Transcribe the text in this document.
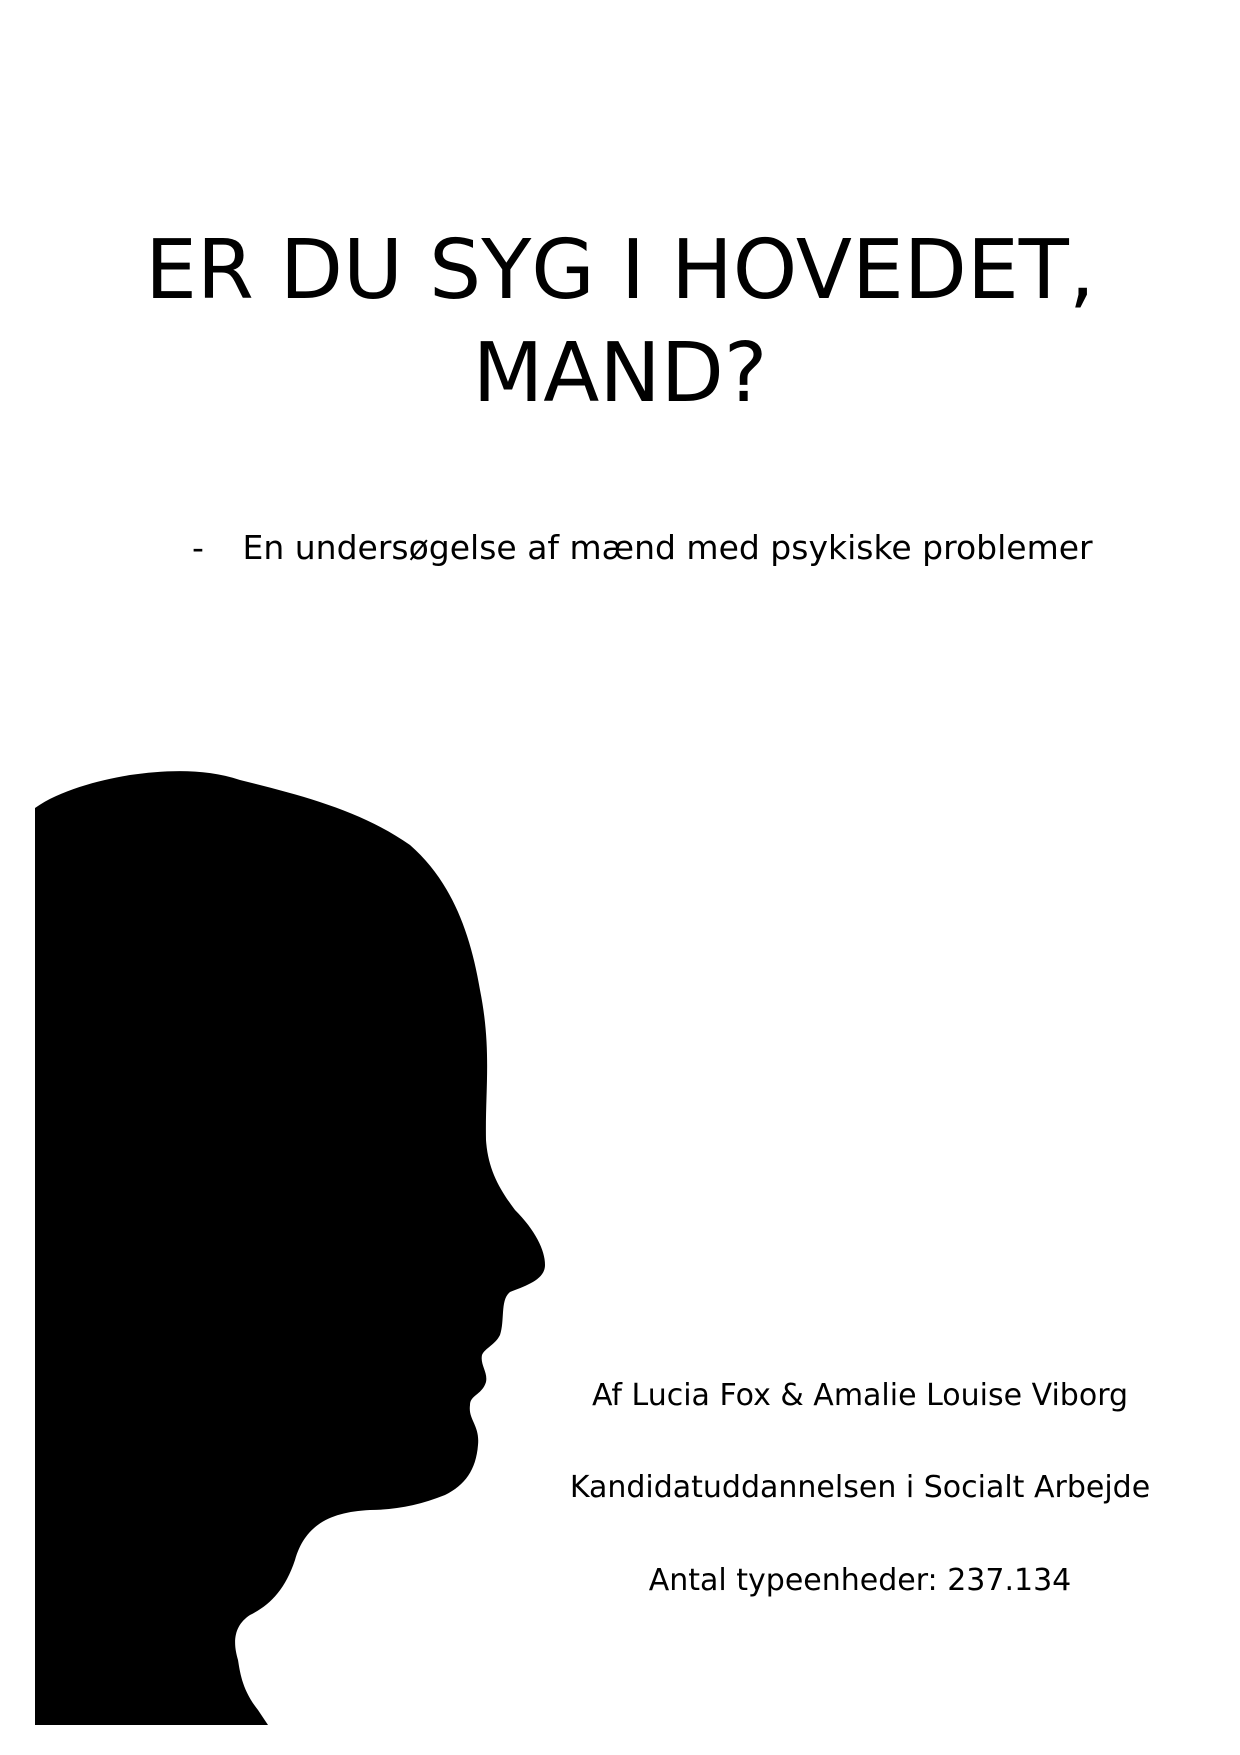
ER DU SYG I HOVEDET,
MAND?
- En undersøgelse af mænd med psykiske problemer
Af Lucia Fox & Amalie Louise Viborg
Kandidatuddannelsen i Socialt Arbejde
Antal typeenheder: 237.134
